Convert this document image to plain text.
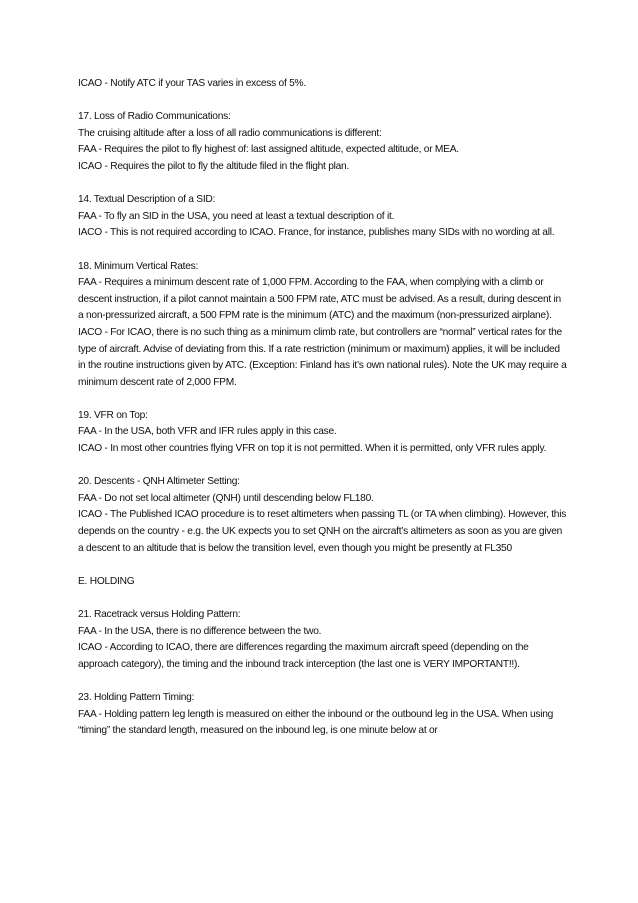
ICAO - Notify ATC if your TAS varies in excess of 5%.

17. Loss of Radio Communications:

The cruising altitude after a loss of all radio communications is different:

FAA - Requires the pilot to fly highest of: last assigned altitude, expected altitude, or MEA.

ICAO - Requires the pilot to fly the altitude filed in the flight plan.

14. Textual Description of a SID:

FAA - To fly an SID in the USA, you need at least a textual description of it.

IACO - This is not required according to ICAO. France, for instance, publishes many SIDs with no wording at all.

18. Minimum Vertical Rates:

FAA - Requires a minimum descent rate of 1,000 FPM. According to the FAA, when complying with a climb or descent instruction, if a pilot cannot maintain a 500 FPM rate, ATC must be advised. As a result, during descent in a non-pressurized aircraft, a 500 FPM rate is the minimum (ATC) and the maximum (non-pressurized airplane).

IACO - For ICAO, there is no such thing as a minimum climb rate, but controllers are “normal” vertical rates for the type of aircraft. Advise of deviating from this. If a rate restriction (minimum or maximum) applies, it will be included in the routine instructions given by ATC. (Exception: Finland has it’s own national rules). Note the UK may require a minimum descent rate of 2,000 FPM.

19. VFR on Top:

FAA - In the USA, both VFR and IFR rules apply in this case.

ICAO - In most other countries flying VFR on top it is not permitted. When it is permitted, only VFR rules apply.

20. Descents - QNH Altimeter Setting:

FAA - Do not set local altimeter (QNH) until descending below FL180.

ICAO - The Published ICAO procedure is to reset altimeters when passing TL (or TA when climbing). However, this depends on the country - e.g. the UK expects you to set QNH on the aircraft’s altimeters as soon as you are given a descent to an altitude that is below the transition level, even though you might be presently at FL350

E. HOLDING

21. Racetrack versus Holding Pattern:

FAA - In the USA, there is no difference between the two.

ICAO - According to ICAO, there are differences regarding the maximum aircraft speed (depending on the approach category), the timing and the inbound track interception (the last one is VERY IMPORTANT!!).

23. Holding Pattern Timing:

FAA - Holding pattern leg length is measured on either the inbound or the outbound leg in the USA. When using “timing” the standard length, measured on the inbound leg, is one minute below at or
